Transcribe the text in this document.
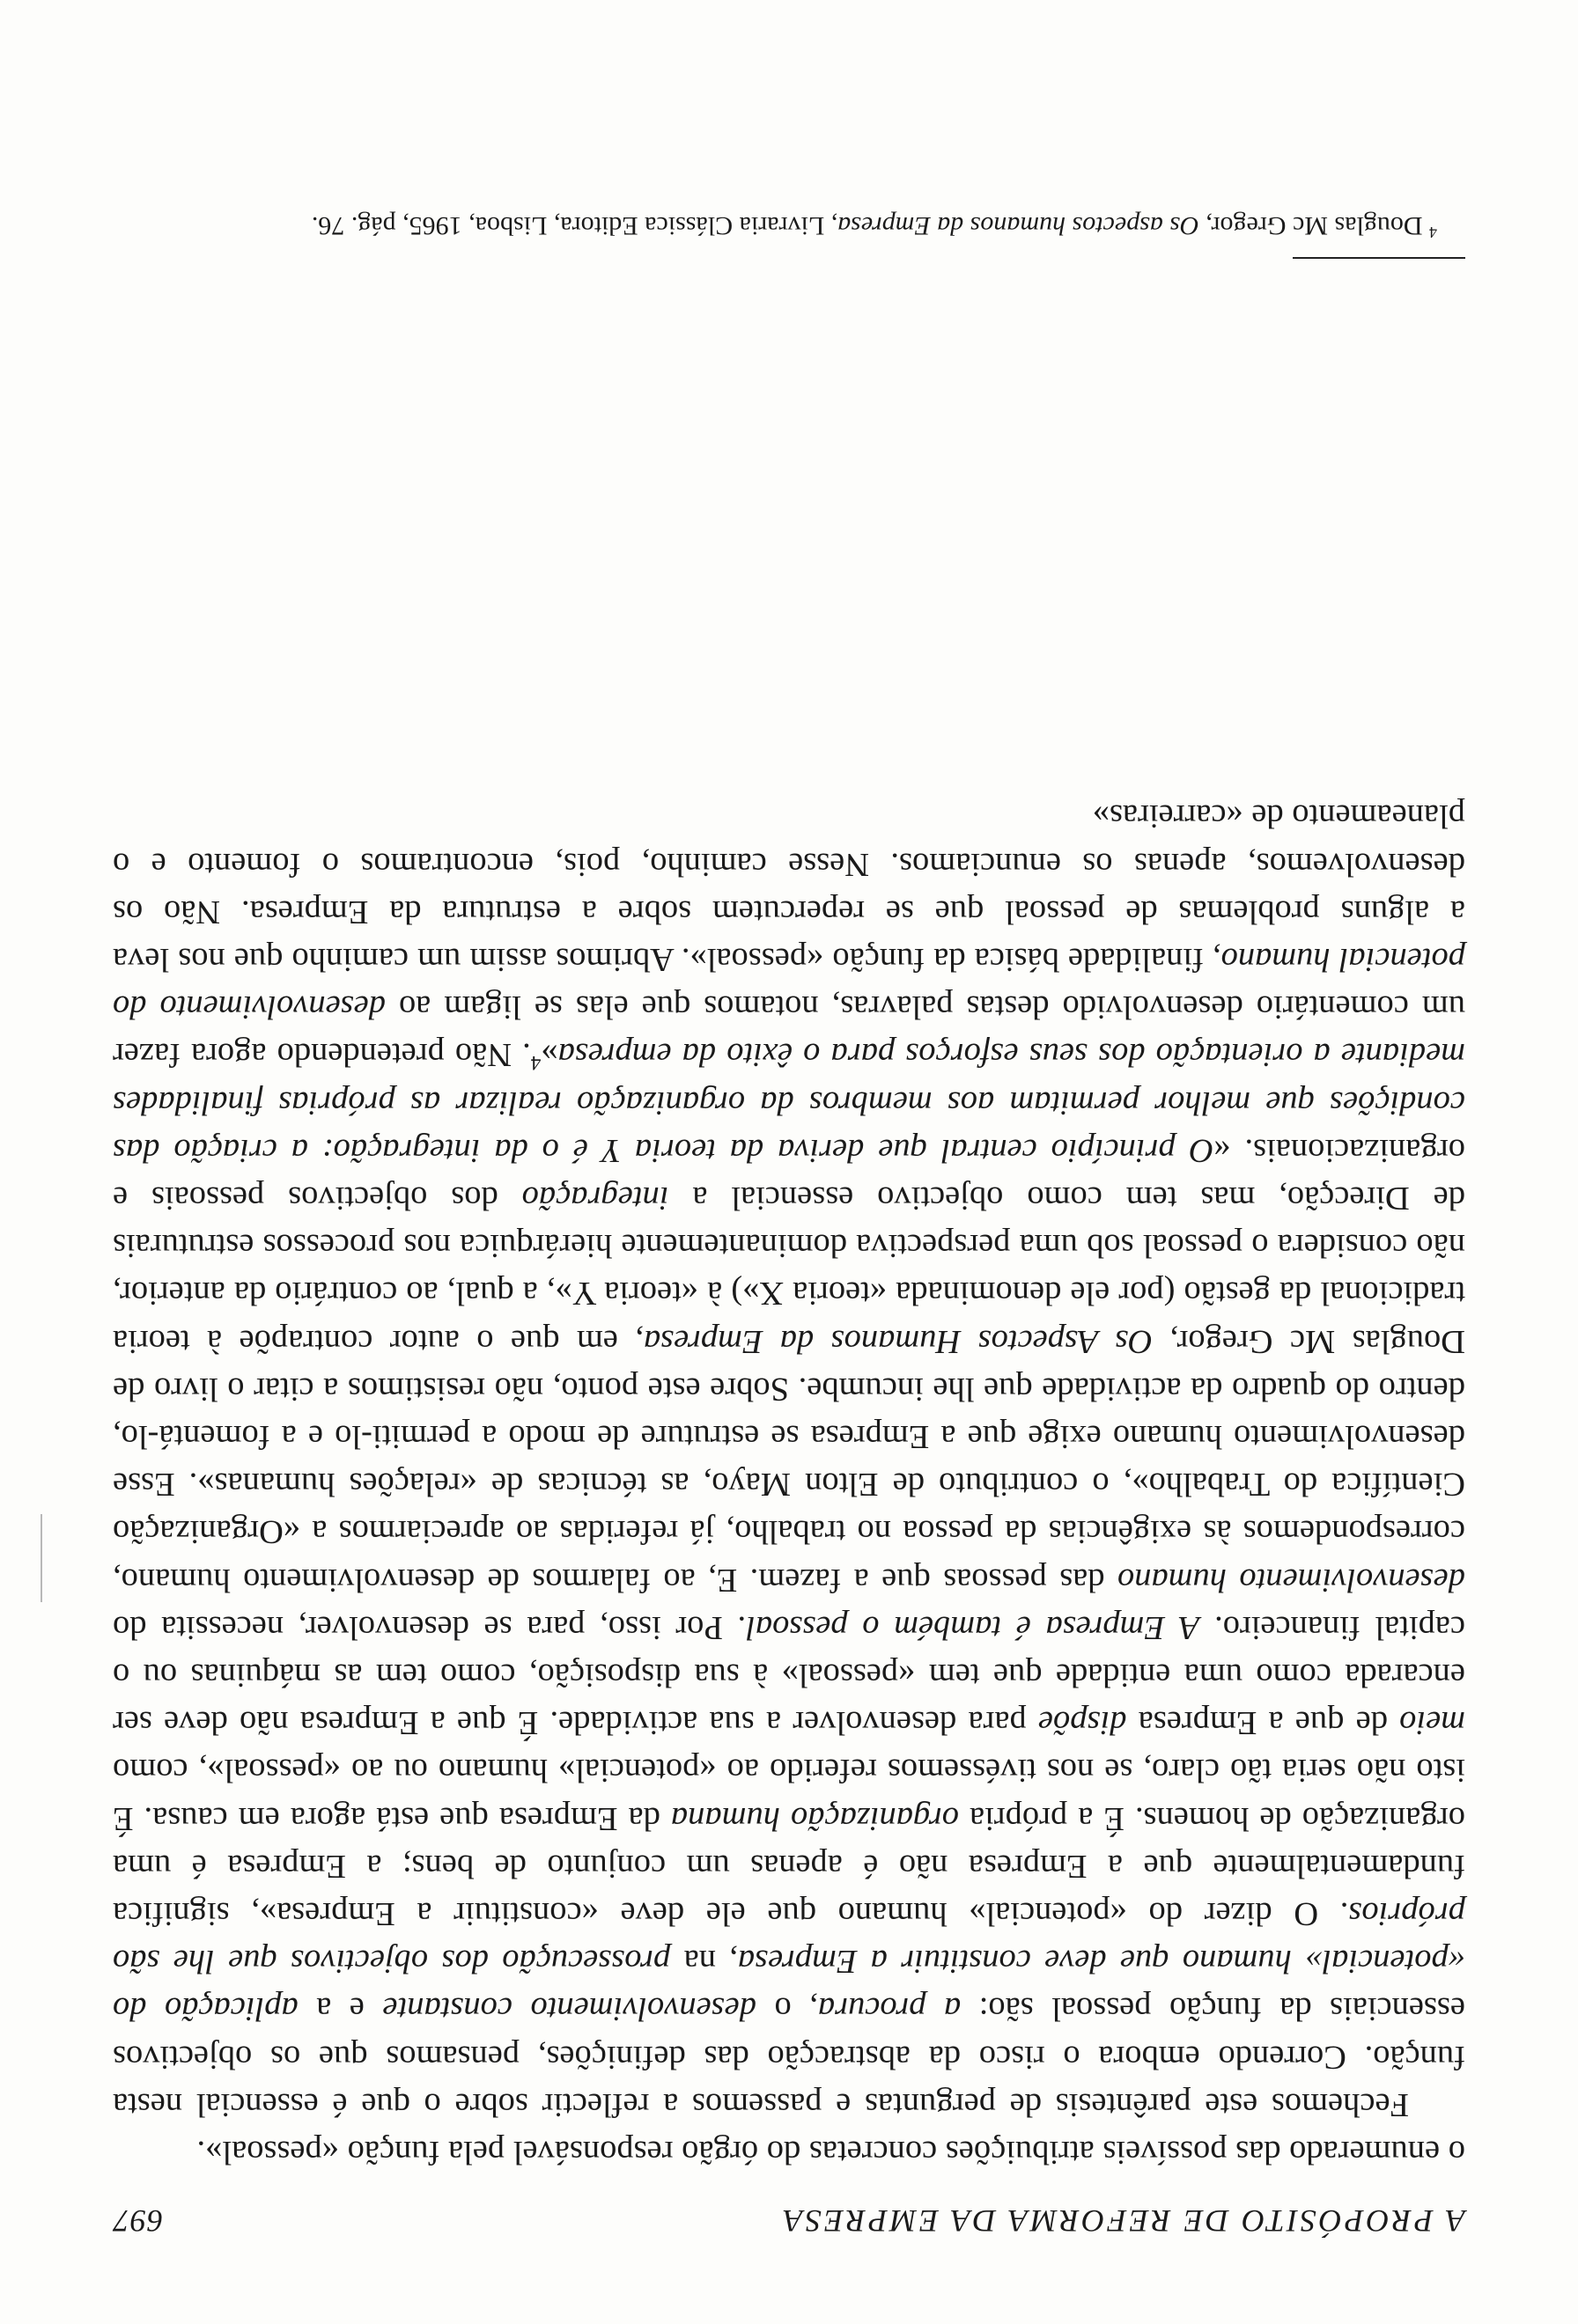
A PROPÓSITO DE REFORMA DA EMPRESA
697

o enumerado das possíveis atribuições concretas do órgão responsável pela função «pessoal».

Fechemos este parêntesis de perguntas e passemos a reflectir sobre o que é essencial nesta função. Correndo embora o risco da abstracção das definições, pensamos que os objectivos essenciais da função pessoal são: a procura, o desenvolvimento constante e a aplicação do «potencial» humano que deve constituir a Empresa, na prossecução dos objectivos que lhe são próprios. O dizer do «potencial» humano que ele deve «constituir a Empresa», significa fundamentalmente que a Empresa não é apenas um conjunto de bens; a Empresa é uma organização de homens. É a própria organização humana da Empresa que está agora em causa. É isto não seria tão claro, se nos tivéssemos referido ao «potencial» humano ou ao «pessoal», como meio de que a Empresa dispõe para desenvolver a sua actividade. É que a Empresa não deve ser encarada como uma entidade que tem «pessoal» à sua disposição, como tem as máquinas ou o capital financeiro. A Empresa é também o pessoal. Por isso, para se desenvolver, necessita do desenvolvimento humano das pessoas que a fazem. E, ao falarmos de desenvolvimento humano, correspondemos às exigências da pessoa no trabalho, já referidas ao apreciarmos a «Organização Científica do Trabalho», o contributo de Elton Mayo, as técnicas de «relações humanas». Esse desenvolvimento humano exige que a Empresa se estruture de modo a permiti-lo e a fomentá-lo, dentro do quadro da actividade que lhe incumbe. Sobre este ponto, não resistimos a citar o livro de Douglas Mc Gregor, Os Aspectos Humanos da Empresa, em que o autor contrapõe à teoria tradicional da gestão (por ele denominada «teoria X») à «teoria Y», a qual, ao contrário da anterior, não considera o pessoal sob uma perspectiva dominantemente hierárquica nos processos estruturais de Direcção, mas tem como objectivo essencial a integração dos objectivos pessoais e organizacionais. «O princípio central que deriva da teoria Y é o da integração: a criação das condições que melhor permitam aos membros da organização realizar as próprias finalidades mediante a orientação dos seus esforços para o êxito da empresa»$^4$. Não pretendendo agora fazer um comentário desenvolvido destas palavras, notamos que elas se ligam ao desenvolvimento do potencial humano, finalidade básica da função «pessoal». Abrimos assim um caminho que nos leva a alguns problemas de pessoal que se repercutem sobre a estrutura da Empresa. Não os desenvolvemos, apenas os enunciamos. Nesse caminho, pois, encontramos o fomento e o planeamento de «carreiras»

$^4$ Douglas Mc Gregor, Os aspectos humanos da Empresa, Livraria Clássica Editora, Lisboa, 1965, pág. 76.
